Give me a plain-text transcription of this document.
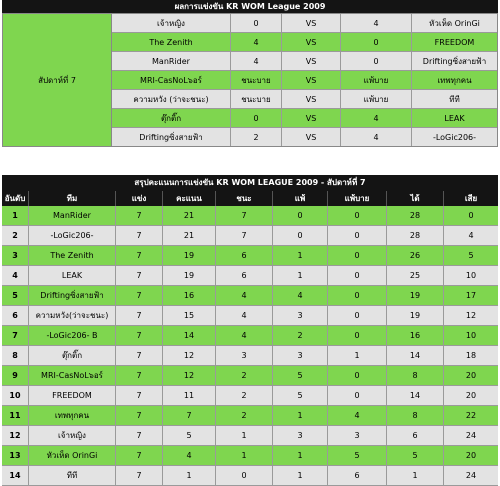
ผลการแข่งขัน KR WOM League 2009
สัปดาห์ที่ 7
เจ้าหญิง	0	VS	4	หัวเห็ด OrinGi
The Zenith	4	VS	0	FREEDOM
ManRider	4	VS	0	Driftingซิ่งสายฟ้า
MRI-CasNoL๖อร์	ชนะบาย	VS	แพ้บาย	เทพทุกคน
ความหวัง (ว่าจะชนะ)	ชนะบาย	VS	แพ้บาย	ทีที
ตุ๊กติ๊ก	0	VS	4	LEAK
Driftingซิ่งสายฟ้า	2	VS	4	-LoGic206-
สรุปคะแนนการแข่งขัน KR WOM LEAGUE 2009 - สัปดาห์ที่ 7
อันดับ	ทีม	แข่ง	คะแนน	ชนะ	แพ้	แพ้บาย	ได้	เสีย
1	ManRider	7	21	7	0	0	28	0
2	-LoGic206-	7	21	7	0	0	28	4
3	The Zenith	7	19	6	1	0	26	5
4	LEAK	7	19	6	1	0	25	10
5	Driftingซิ่งสายฟ้า	7	16	4	4	0	19	17
6	ความหวัง(ว่าจะชนะ)	7	15	4	3	0	19	12
7	-LoGic206- B	7	14	4	2	0	16	10
8	ตุ๊กติ๊ก	7	12	3	3	1	14	18
9	MRI-CasNoL๖อร์	7	12	2	5	0	8	20
10	FREEDOM	7	11	2	5	0	14	20
11	เทพทุกคน	7	7	2	1	4	8	22
12	เจ้าหญิง	7	5	1	3	3	6	24
13	หัวเห็ด OrinGi	7	4	1	1	5	5	20
14	ทีที	7	1	0	1	6	1	24
